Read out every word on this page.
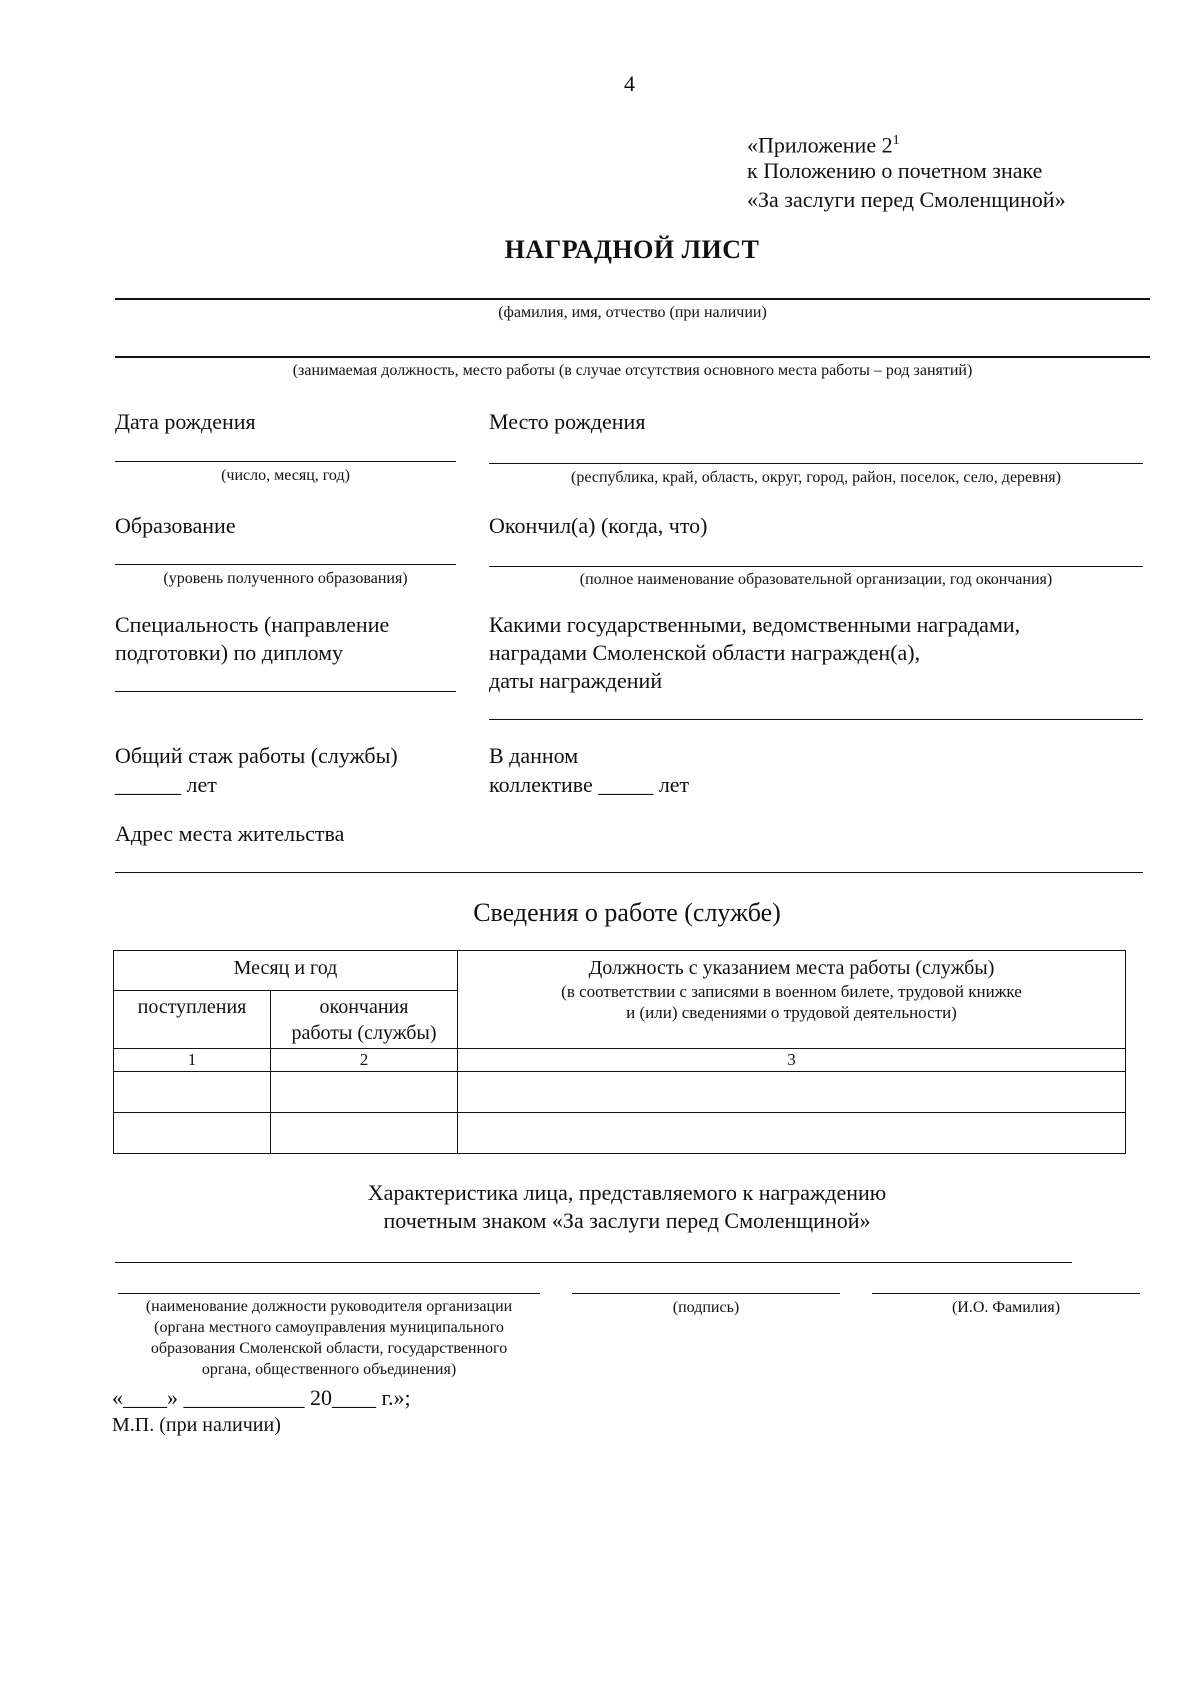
4
«Приложение $2^1$
к Положению о почетном знаке
«За заслуги перед Смоленщиной»
НАГРАДНОЙ ЛИСТ
(фамилия, имя, отчество (при наличии)
(занимаемая должность, место работы (в случае отсутствия основного места работы – род занятий)
Дата рождения
(число, месяц, год)
Место рождения
(республика, край, область, округ, город, район, поселок, село, деревня)
Образование
(уровень полученного образования)
Окончил(а) (когда, что)
(полное наименование образовательной организации, год окончания)
Специальность (направление
подготовки) по диплому
Какими государственными, ведомственными наградами,
наградами Смоленской области награжден(а),
даты награждений
Общий стаж работы (службы)
______ лет
В данном
коллективе _____ лет
Адрес места жительства
Сведения о работе (службе)
Месяц и год		Должность с указанием места работы (службы)
(в соответствии с записями в военном билете, трудовой книжке
и (или) сведениями о трудовой деятельности)

поступления	окончания
работы (службы)	

1	2	3

Характеристика лица, представляемого к награждению
почетным знаком «За заслуги перед Смоленщиной»
(наименование должности руководителя организации
(органа местного самоуправления муниципального
образования Смоленской области, государственного
органа, общественного объединения)
(подпись)	(И.О. Фамилия)
«____» ___________ 20____ г.»;
М.П. (при наличии)
